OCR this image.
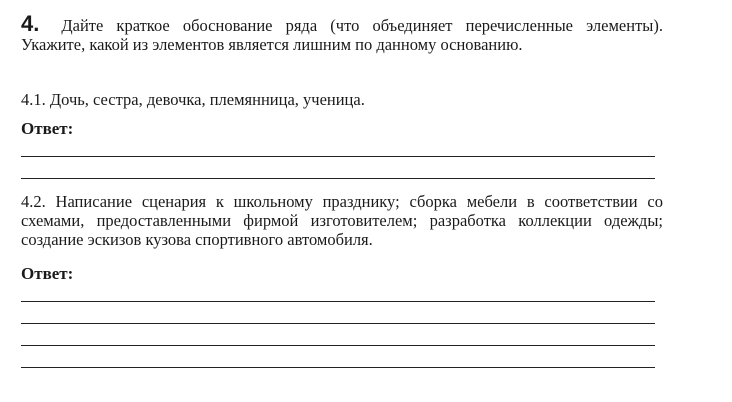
4. Дайте краткое обоснование ряда (что объединяет перечисленные элементы). Укажите, какой из элементов является лишним по данному основанию.
4.1. Дочь, сестра, девочка, племянница, ученица.
Ответ:
4.2. Написание сценария к школьному празднику; сборка мебели в соответствии со схемами, предоставленными фирмой изготовителем; разработка коллекции одежды; создание эскизов кузова спортивного автомобиля.
Ответ:
